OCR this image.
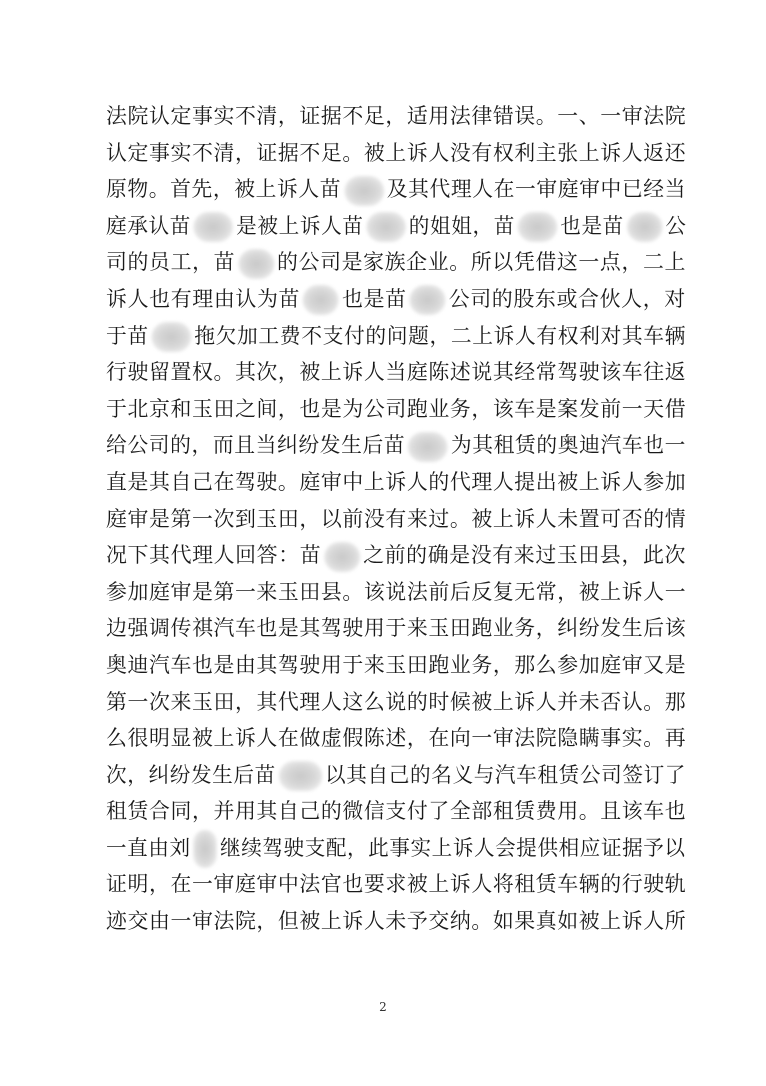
法院认定事实不清，证据不足，适用法律错误。一、一审法院
认定事实不清，证据不足。被上诉人没有权利主张上诉人返还
原物。首先，被上诉人苗 及其代理人在一审庭审中已经当
庭承认苗 是被上诉人苗 的姐姐，苗 也是苗 公
司的员工，苗 的公司是家族企业。所以凭借这一点，二上
诉人也有理由认为苗 也是苗 公司的股东或合伙人，对
于苗 拖欠加工费不支付的问题，二上诉人有权利对其车辆
行驶留置权。其次，被上诉人当庭陈述说其经常驾驶该车往返
于北京和玉田之间，也是为公司跑业务，该车是案发前一天借
给公司的，而且当纠纷发生后苗 为其租赁的奥迪汽车也一
直是其自己在驾驶。庭审中上诉人的代理人提出被上诉人参加
庭审是第一次到玉田，以前没有来过。被上诉人未置可否的情
况下其代理人回答：苗 之前的确是没有来过玉田县，此次
参加庭审是第一来玉田县。该说法前后反复无常，被上诉人一
边强调传祺汽车也是其驾驶用于来玉田跑业务，纠纷发生后该
奥迪汽车也是由其驾驶用于来玉田跑业务，那么参加庭审又是
第一次来玉田，其代理人这么说的时候被上诉人并未否认。那
么很明显被上诉人在做虚假陈述，在向一审法院隐瞒事实。再
次，纠纷发生后苗 以其自己的名义与汽车租赁公司签订了
租赁合同，并用其自己的微信支付了全部租赁费用。且该车也
一直由刘 继续驾驶支配，此事实上诉人会提供相应证据予以
证明，在一审庭审中法官也要求被上诉人将租赁车辆的行驶轨
迹交由一审法院，但被上诉人未予交纳。如果真如被上诉人所
2
